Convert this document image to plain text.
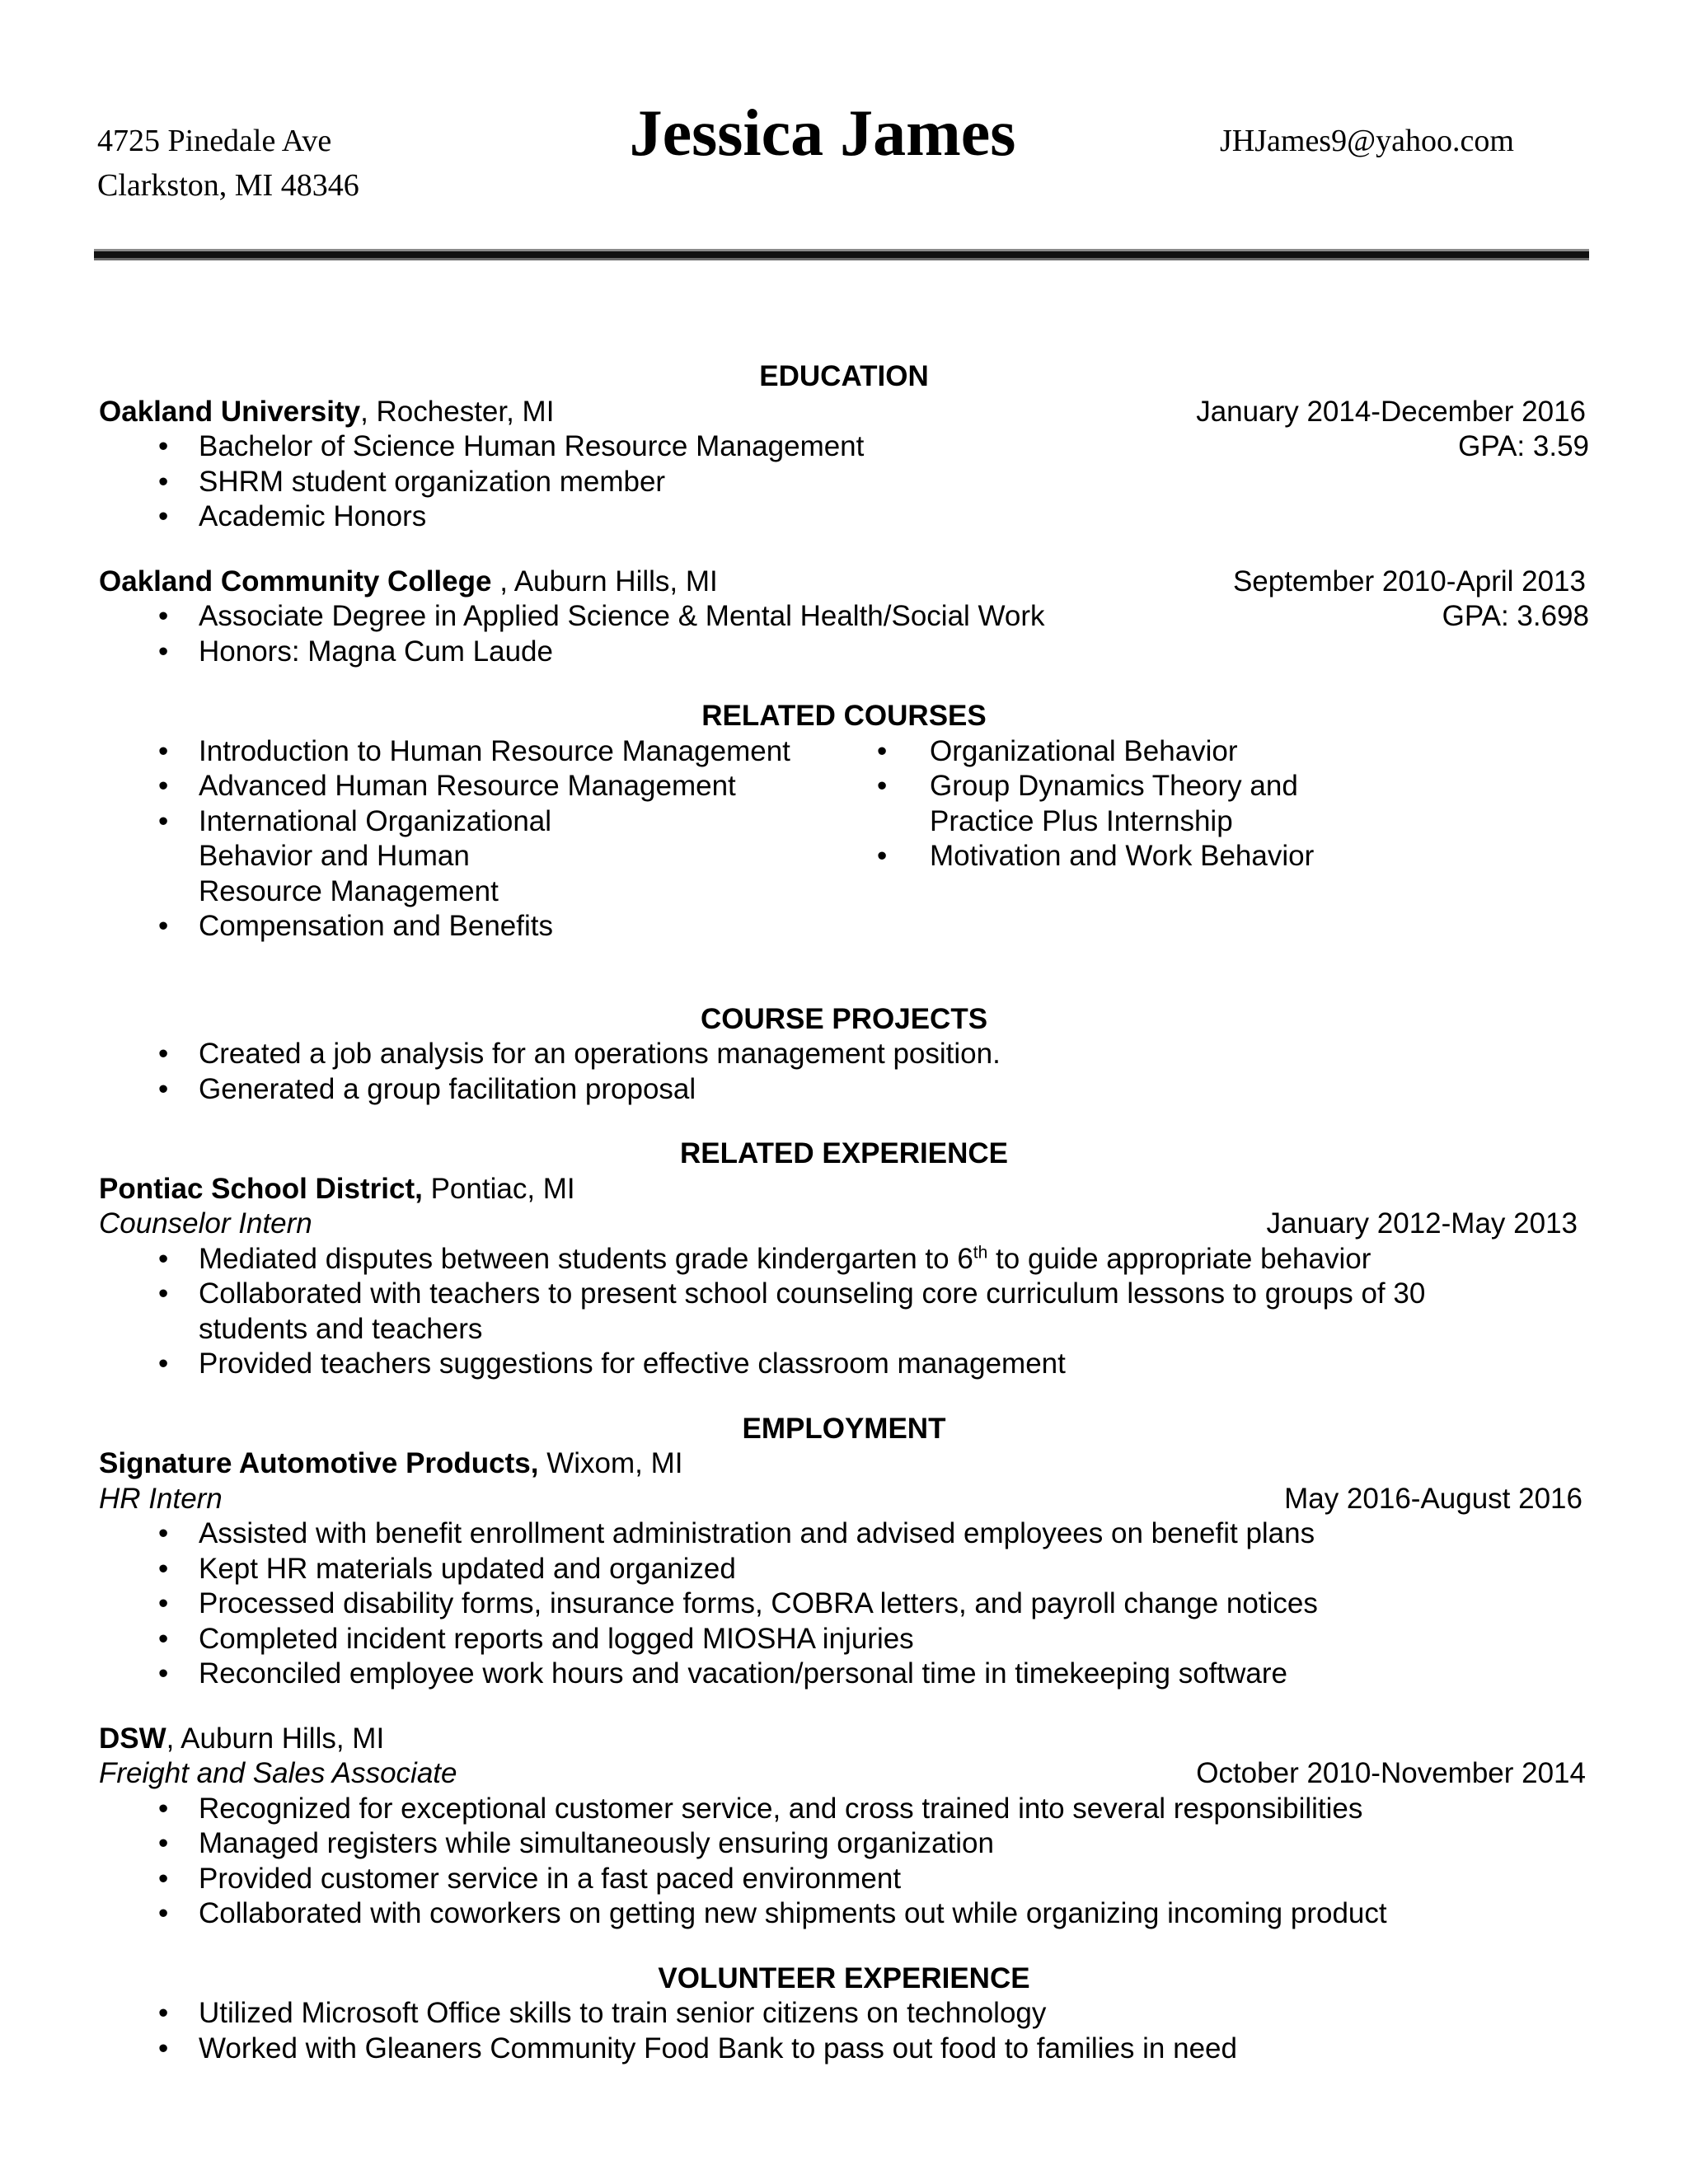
4725 Pinedale Ave
Clarkston, MI 48346
Jessica James	JHJames9@yahoo.com
EDUCATION
Oakland University, Rochester, MI	January 2014-December 2016
• Bachelor of Science Human Resource Management	GPA: 3.59
• SHRM student organization member
• Academic Honors
Oakland Community College , Auburn Hills, MI	September 2010-April 2013
• Associate Degree in Applied Science & Mental Health/Social Work	GPA: 3.698
• Honors: Magna Cum Laude
RELATED COURSES
• Introduction to Human Resource Management
• Advanced Human Resource Management
• International Organizational Behavior and Human Resource Management
• Compensation and Benefits
• Organizational Behavior
• Group Dynamics Theory and Practice Plus Internship
• Motivation and Work Behavior
COURSE PROJECTS
• Created a job analysis for an operations management position.
• Generated a group facilitation proposal
RELATED EXPERIENCE
Pontiac School District, Pontiac, MI
Counselor Intern	January 2012-May 2013
• Mediated disputes between students grade kindergarten to 6th to guide appropriate behavior
• Collaborated with teachers to present school counseling core curriculum lessons to groups of 30 students and teachers
• Provided teachers suggestions for effective classroom management
EMPLOYMENT
Signature Automotive Products, Wixom, MI
HR Intern	May 2016-August 2016
• Assisted with benefit enrollment administration and advised employees on benefit plans
• Kept HR materials updated and organized
• Processed disability forms, insurance forms, COBRA letters, and payroll change notices
• Completed incident reports and logged MIOSHA injuries
• Reconciled employee work hours and vacation/personal time in timekeeping software
DSW, Auburn Hills, MI
Freight and Sales Associate	October 2010-November 2014
• Recognized for exceptional customer service, and cross trained into several responsibilities
• Managed registers while simultaneously ensuring organization
• Provided customer service in a fast paced environment
• Collaborated with coworkers on getting new shipments out while organizing incoming product
VOLUNTEER EXPERIENCE
• Utilized Microsoft Office skills to train senior citizens on technology
• Worked with Gleaners Community Food Bank to pass out food to families in need
